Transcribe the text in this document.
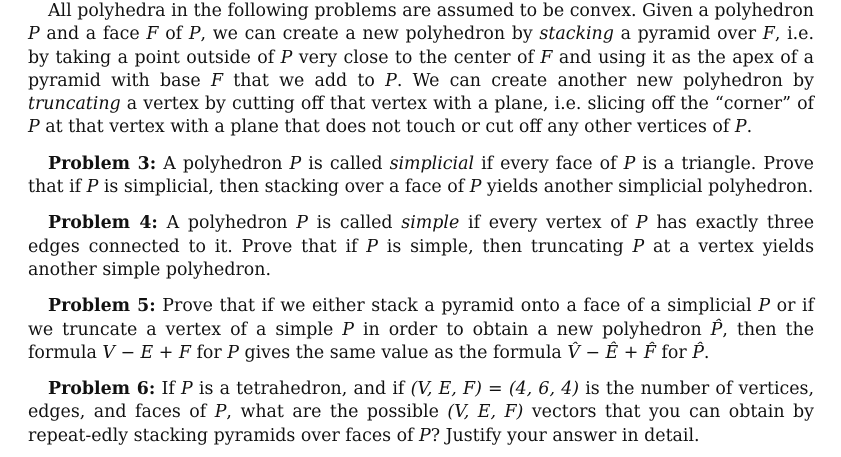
All polyhedra in the following problems are assumed to be convex. Given a polyhedron P and a face F of P, we can create a new polyhedron by stacking a pyramid over F, i.e. by taking a point outside of P very close to the center of F and using it as the apex of a pyramid with base F that we add to P. We can create another new polyhedron by truncating a vertex by cutting off that vertex with a plane, i.e. slicing off the “corner” of P at that vertex with a plane that does not touch or cut off any other vertices of P.

Problem 3: A polyhedron P is called simplicial if every face of P is a triangle. Prove that if P is simplicial, then stacking over a face of P yields another simplicial polyhedron.

Problem 4: A polyhedron P is called simple if every vertex of P has exactly three edges connected to it. Prove that if P is simple, then truncating P at a vertex yields another simple polyhedron.

Problem 5: Prove that if we either stack a pyramid onto a face of a simplicial P or if we truncate a vertex of a simple P in order to obtain a new polyhedron P̂, then the formula V − E + F for P gives the same value as the formula V̂ − Ê + F̂ for P̂.

Problem 6: If P is a tetrahedron, and if (V, E, F) = (4, 6, 4) is the number of vertices, edges, and faces of P, what are the possible (V, E, F) vectors that you can obtain by repeat-edly stacking pyramids over faces of P? Justify your answer in detail.
